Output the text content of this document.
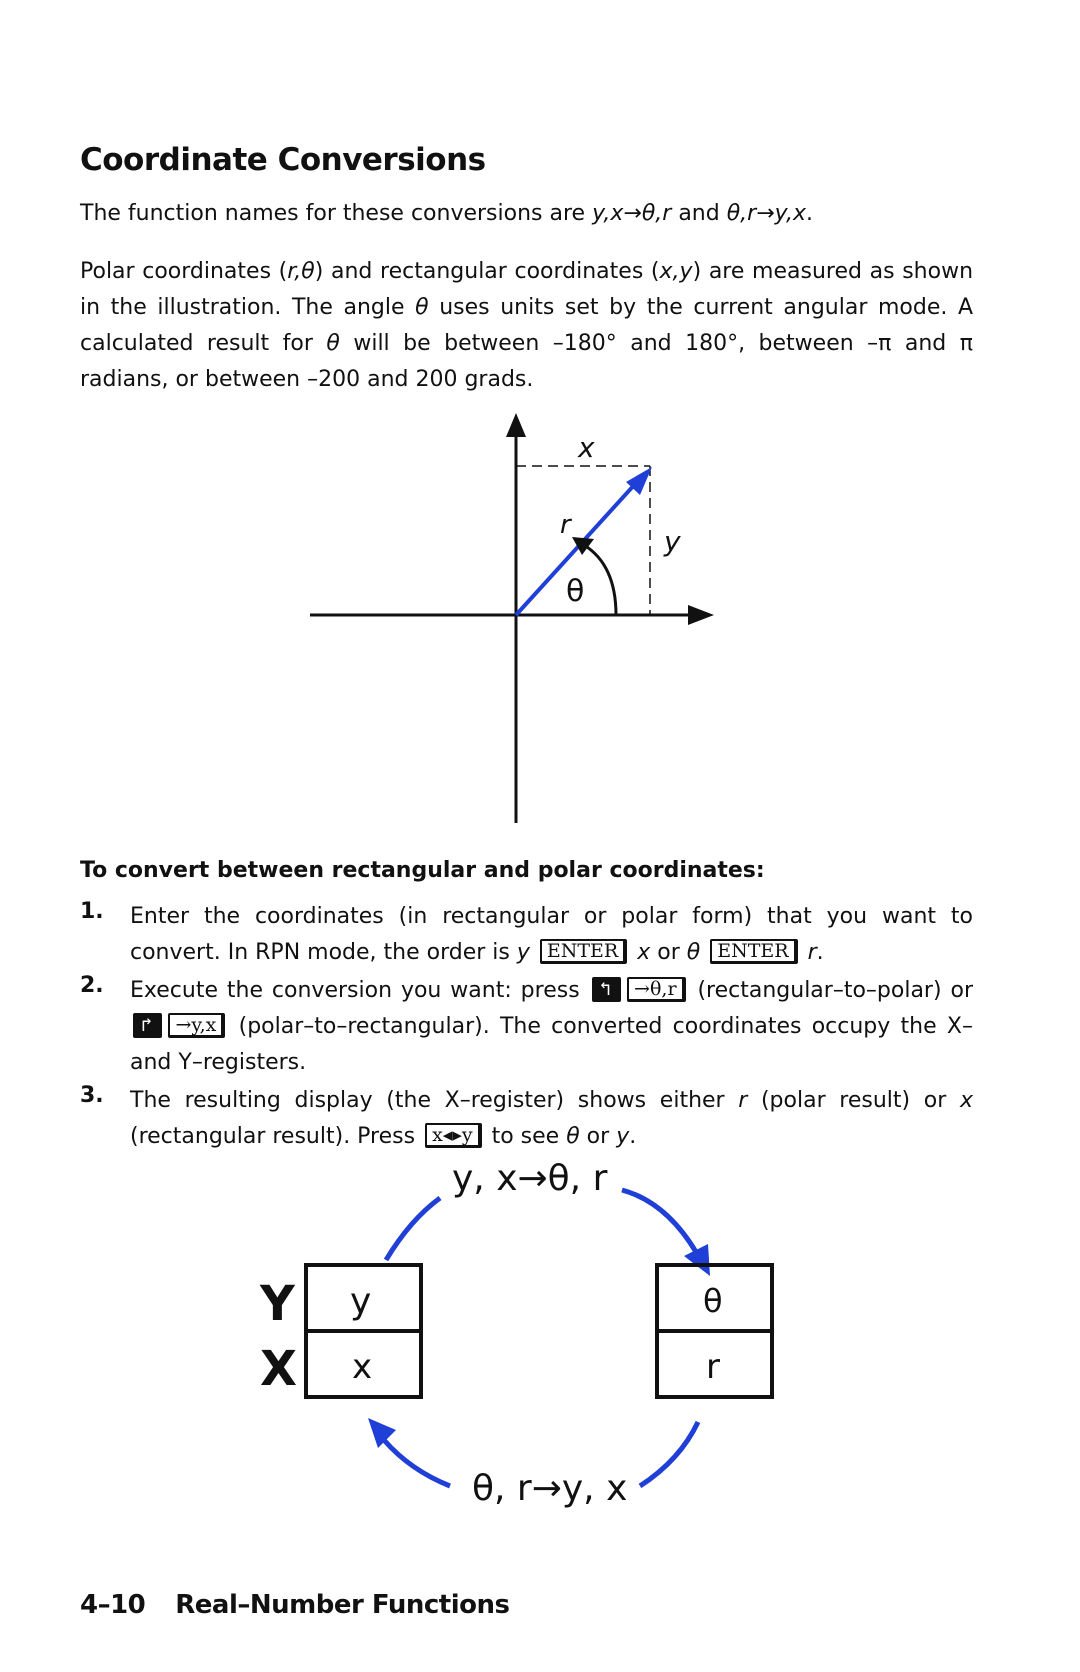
Coordinate Conversions
The function names for these conversions are y,x→θ,r and θ,r→y,x.
Polar coordinates (r,θ) and rectangular coordinates (x,y) are measured as shown in the illustration. The angle θ uses units set by the current angular mode. A calculated result for θ will be between –180° and 180°, between –π and π radians, or between –200 and 200 grads.
x
y
r
θ
To convert between rectangular and polar coordinates:
1. Enter the coordinates (in rectangular or polar form) that you want to convert. In RPN mode, the order is y ENTER x or θ ENTER r.
2. Execute the conversion you want: press ↰ →θ,r (rectangular–to–polar) or ↱ →y,x (polar–to–rectangular). The converted coordinates occupy the X– and Y–registers.
3. The resulting display (the X–register) shows either r (polar result) or x (rectangular result). Press x◂▸y to see θ or y.
y, x→θ, r
Y
X
y
x
θ
r
θ, r→y, x
4–10 Real–Number Functions
